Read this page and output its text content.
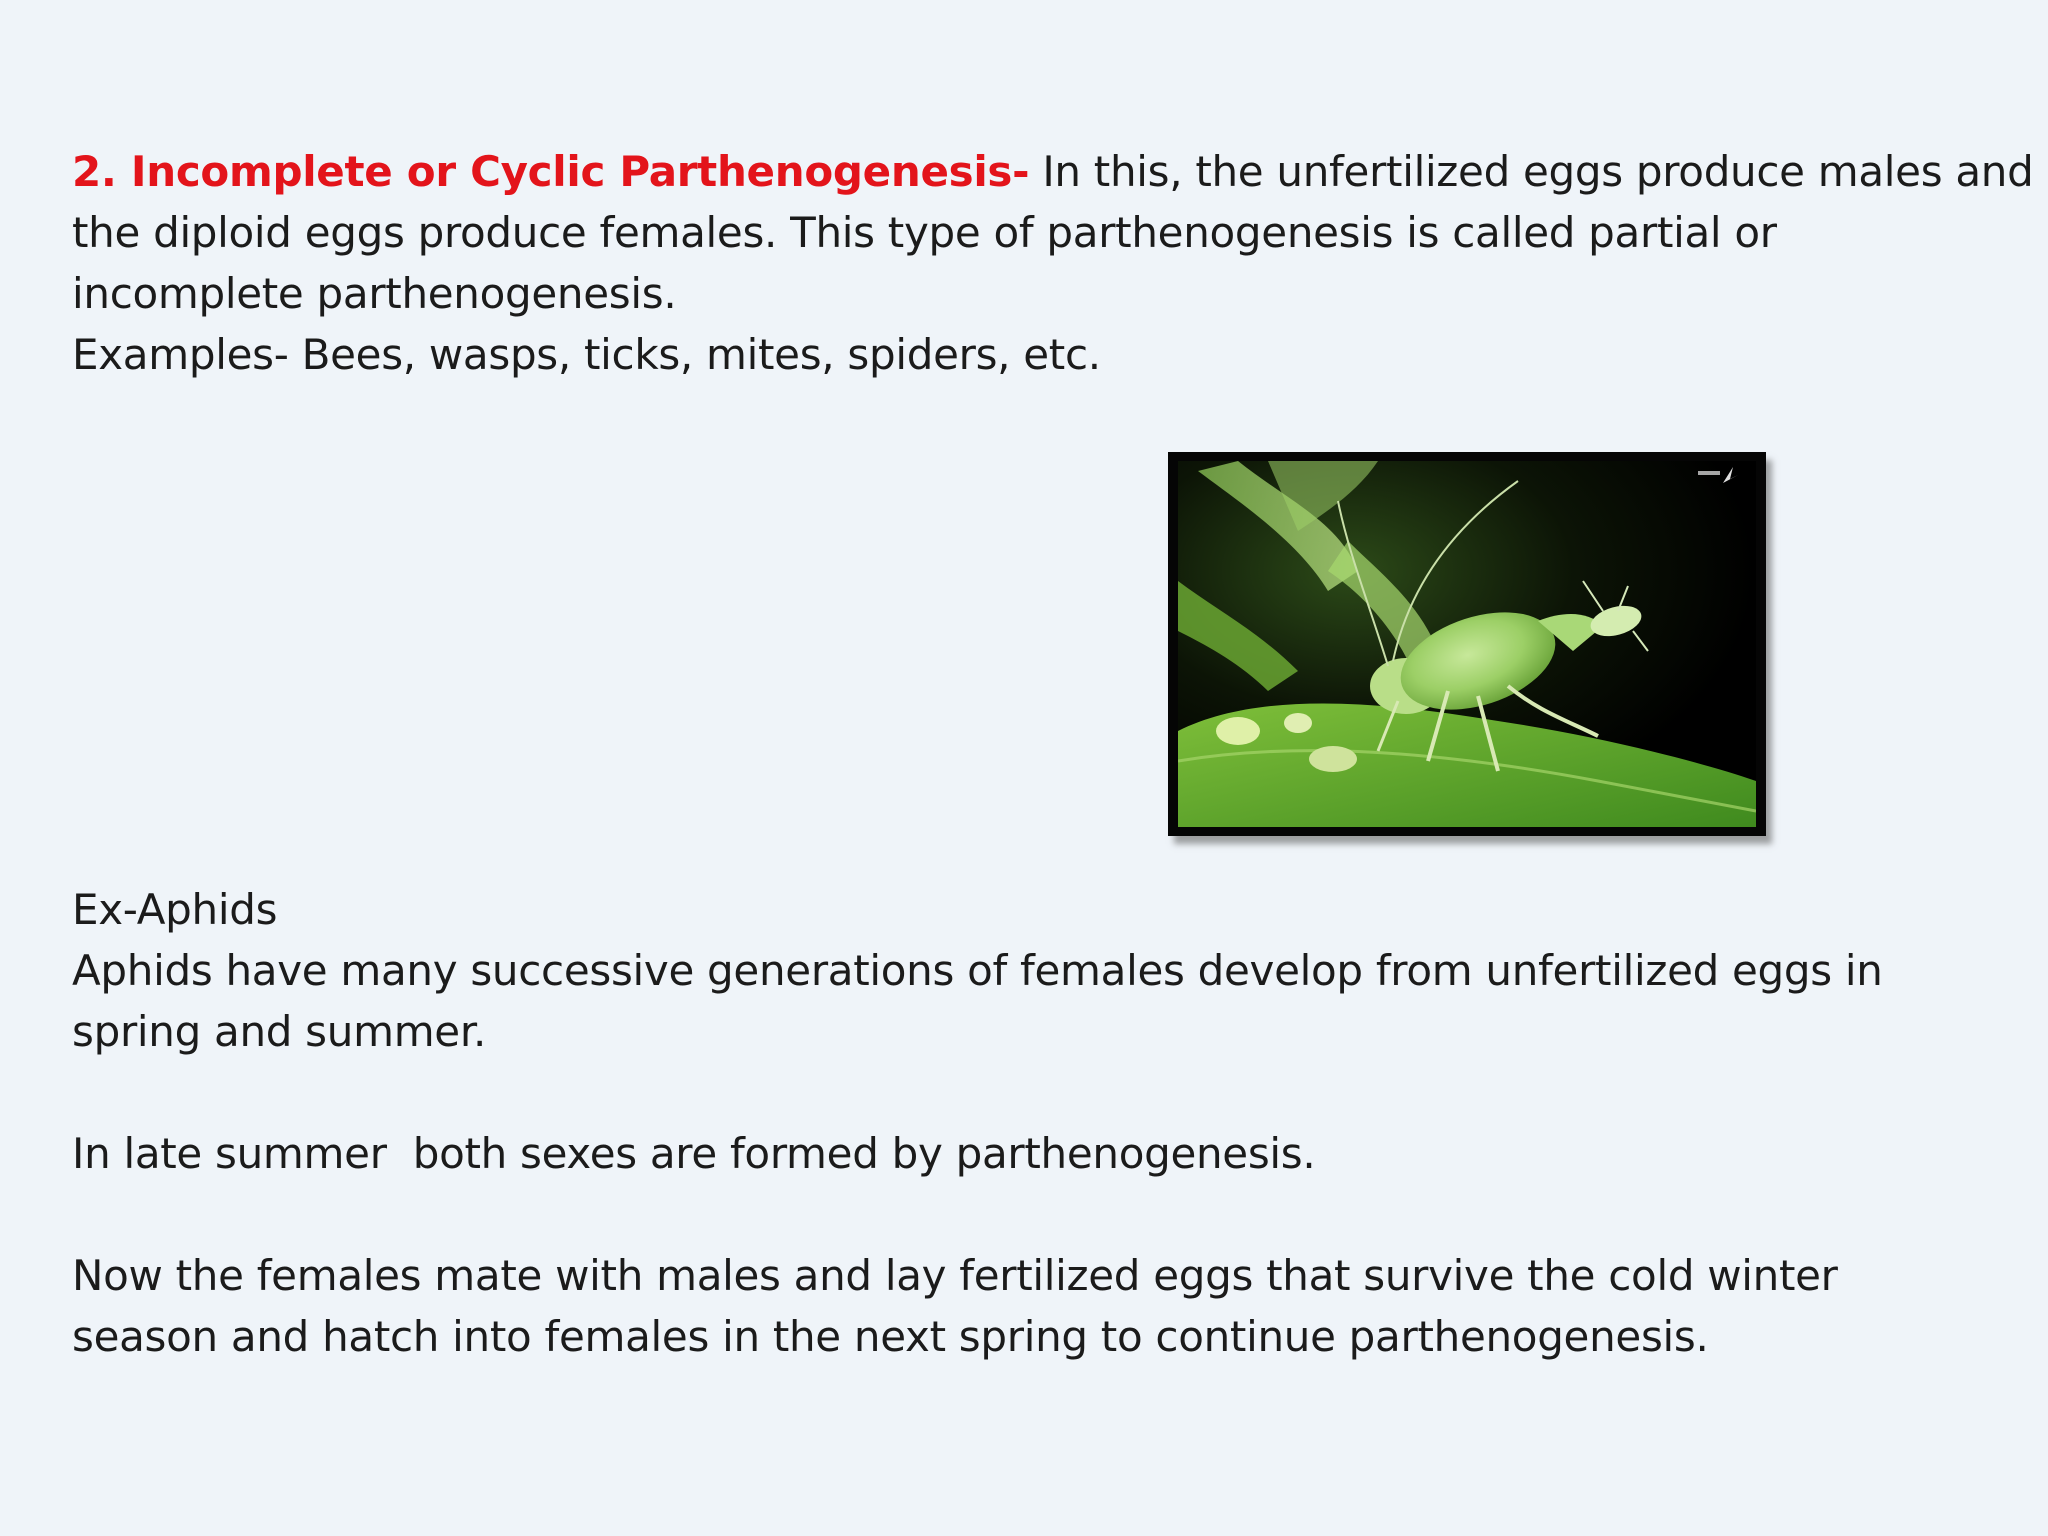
2. Incomplete or Cyclic Parthenogenesis- In this, the unfertilized eggs produce males and
the diploid eggs produce females. This type of parthenogenesis is called partial or
incomplete parthenogenesis.
Examples- Bees, wasps, ticks, mites, spiders, etc.
Ex-Aphids
Aphids have many successive generations of females develop from unfertilized eggs in
spring and summer.
In late summer  both sexes are formed by parthenogenesis.
Now the females mate with males and lay fertilized eggs that survive the cold winter
season and hatch into females in the next spring to continue parthenogenesis.
